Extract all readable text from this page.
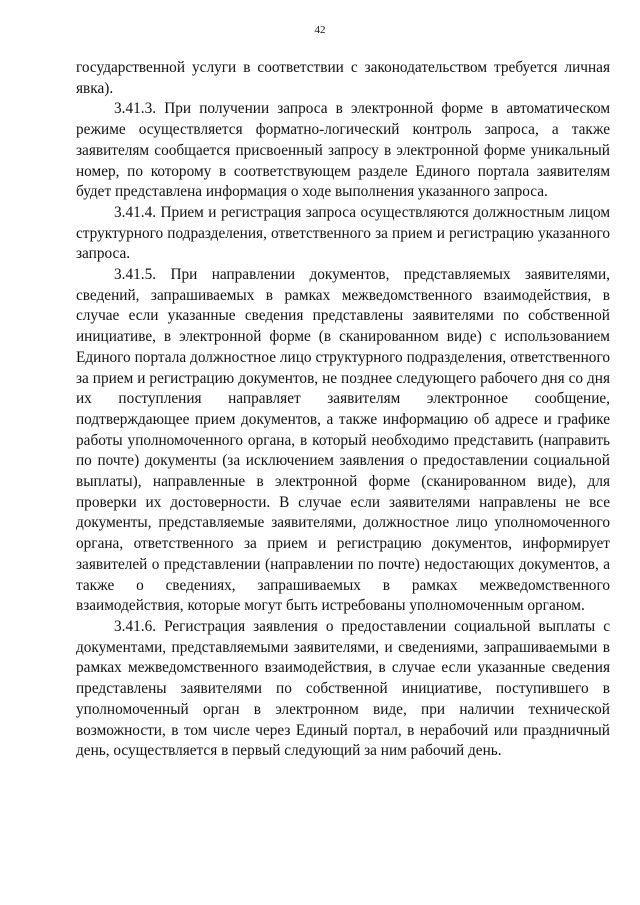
42

государственной услуги в соответствии с законодательством требуется личная явка).

3.41.3. При получении запроса в электронной форме в автоматическом режиме осуществляется форматно-логический контроль запроса, а также заявителям сообщается присвоенный запросу в электронной форме уникальный номер, по которому в соответствующем разделе Единого портала заявителям будет представлена информация о ходе выполнения указанного запроса.

3.41.4. Прием и регистрация запроса осуществляются должностным лицом структурного подразделения, ответственного за прием и регистрацию указанного запроса.

3.41.5. При направлении документов, представляемых заявителями, сведений, запрашиваемых в рамках межведомственного взаимодействия, в случае если указанные сведения представлены заявителями по собственной инициативе, в электронной форме (в сканированном виде) с использованием Единого портала должностное лицо структурного подразделения, ответственного за прием и регистрацию документов, не позднее следующего рабочего дня со дня их поступления направляет заявителям электронное сообщение, подтверждающее прием документов, а также информацию об адресе и графике работы уполномоченного органа, в который необходимо представить (направить по почте) документы (за исключением заявления о предоставлении социальной выплаты), направленные в электронной форме (сканированном виде), для проверки их достоверности. В случае если заявителями направлены не все документы, представляемые заявителями, должностное лицо уполномоченного органа, ответственного за прием и регистрацию документов, информирует заявителей о представлении (направлении по почте) недостающих документов, а также о сведениях, запрашиваемых в рамках межведомственного взаимодействия, которые могут быть истребованы уполномоченным органом.

3.41.6. Регистрация заявления о предоставлении социальной выплаты с документами, представляемыми заявителями, и сведениями, запрашиваемыми в рамках межведомственного взаимодействия, в случае если указанные сведения представлены заявителями по собственной инициативе, поступившего в уполномоченный орган в электронном виде, при наличии технической возможности, в том числе через Единый портал, в нерабочий или праздничный день, осуществляется в первый следующий за ним рабочий день.
